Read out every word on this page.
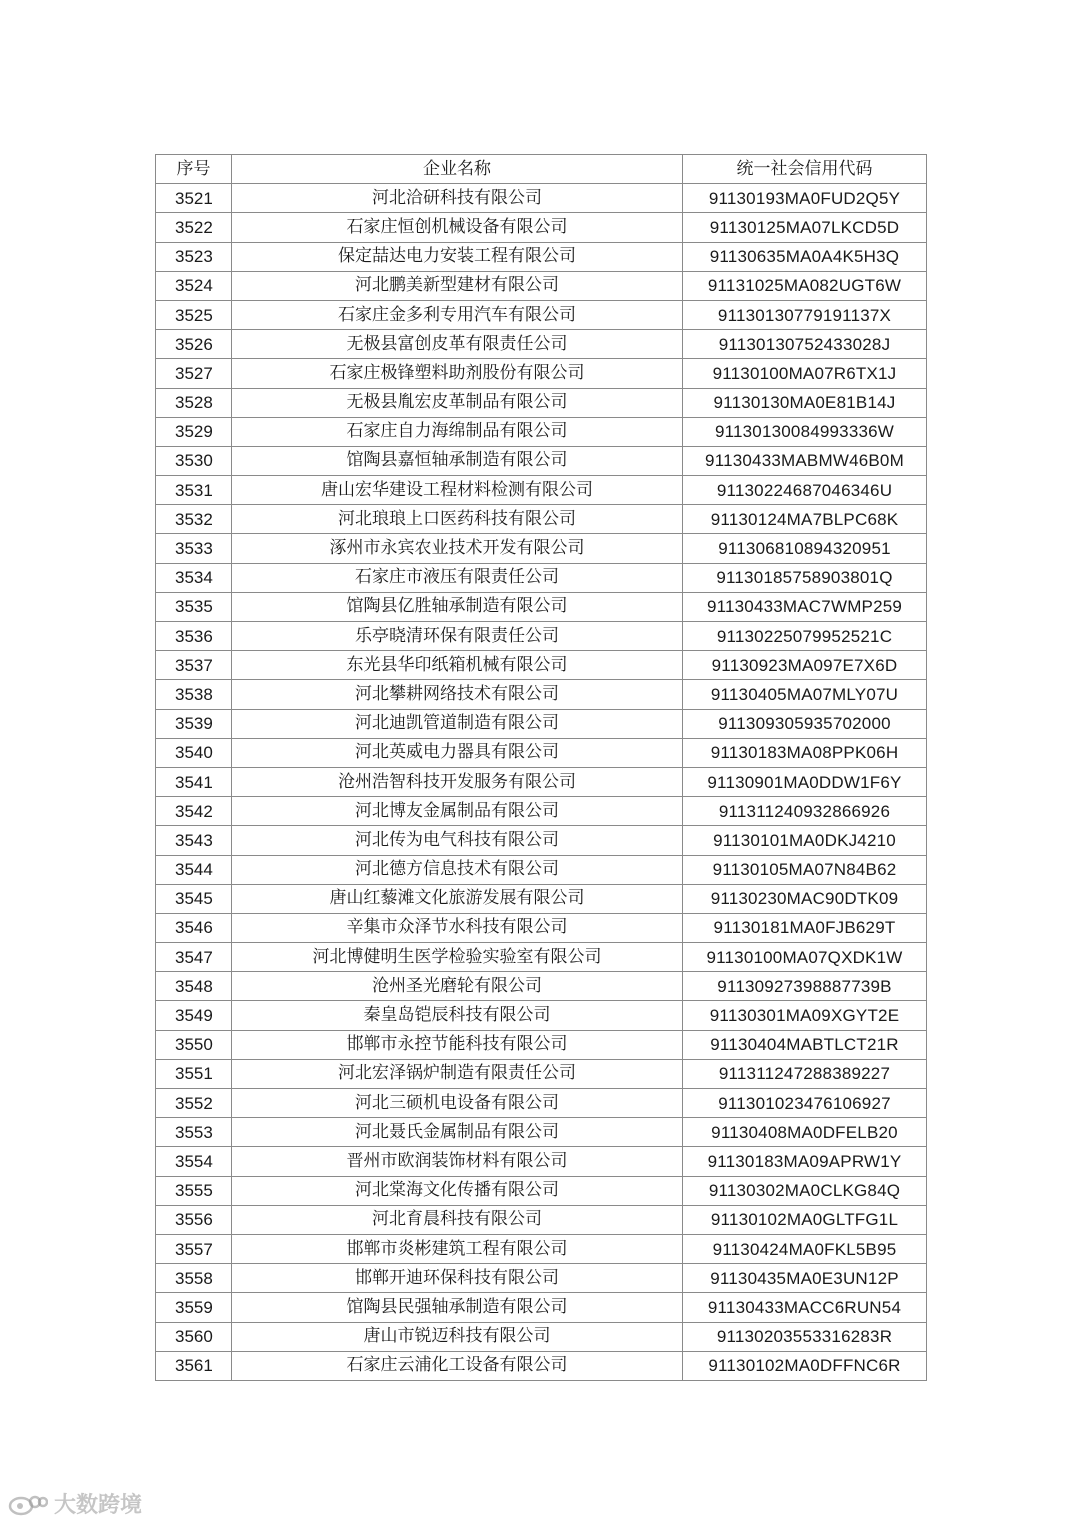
序号	企业名称	统一社会信用代码
3521	河北洽研科技有限公司	91130193MA0FUD2Q5Y
3522	石家庄恒创机械设备有限公司	91130125MA07LKCD5D
3523	保定喆达电力安装工程有限公司	91130635MA0A4K5H3Q
3524	河北鹏美新型建材有限公司	91131025MA082UGT6W
3525	石家庄金多利专用汽车有限公司	91130130779191137X
3526	无极县富创皮革有限责任公司	91130130752433028J
3527	石家庄极锋塑料助剂股份有限公司	91130100MA07R6TX1J
3528	无极县胤宏皮革制品有限公司	91130130MA0E81B14J
3529	石家庄自力海绵制品有限公司	91130130084993336W
3530	馆陶县嘉恒轴承制造有限公司	91130433MABMW46B0M
3531	唐山宏华建设工程材料检测有限公司	91130224687046346U
3532	河北琅琅上口医药科技有限公司	91130124MA7BLPC68K
3533	涿州市永宾农业技术开发有限公司	911306810894320951
3534	石家庄市液压有限责任公司	91130185758903801Q
3535	馆陶县亿胜轴承制造有限公司	91130433MAC7WMP259
3536	乐亭晓清环保有限责任公司	91130225079952521C
3537	东光县华印纸箱机械有限公司	91130923MA097E7X6D
3538	河北攀耕网络技术有限公司	91130405MA07MLY07U
3539	河北迪凯管道制造有限公司	911309305935702000
3540	河北英威电力器具有限公司	91130183MA08PPK06H
3541	沧州浩智科技开发服务有限公司	91130901MA0DDW1F6Y
3542	河北博友金属制品有限公司	911311240932866926
3543	河北传为电气科技有限公司	91130101MA0DKJ4210
3544	河北德方信息技术有限公司	91130105MA07N84B62
3545	唐山红藜滩文化旅游发展有限公司	91130230MAC90DTK09
3546	辛集市众泽节水科技有限公司	91130181MA0FJB629T
3547	河北博健明生医学检验实验室有限公司	91130100MA07QXDK1W
3548	沧州圣光磨轮有限公司	91130927398887739B
3549	秦皇岛铠辰科技有限公司	91130301MA09XGYT2E
3550	邯郸市永控节能科技有限公司	91130404MABTLCT21R
3551	河北宏泽锅炉制造有限责任公司	911311247288389227
3552	河北三硕机电设备有限公司	911301023476106927
3553	河北聂氏金属制品有限公司	91130408MA0DFELB20
3554	晋州市欧润装饰材料有限公司	91130183MA09APRW1Y
3555	河北棠海文化传播有限公司	91130302MA0CLKG84Q
3556	河北育晨科技有限公司	91130102MA0GLTFG1L
3557	邯郸市炎彬建筑工程有限公司	91130424MA0FKL5B95
3558	邯郸开迪环保科技有限公司	91130435MA0E3UN12P
3559	馆陶县民强轴承制造有限公司	91130433MACC6RUN54
3560	唐山市锐迈科技有限公司	91130203553316283R
3561	石家庄云浦化工设备有限公司	91130102MA0DFFNC6R
大数跨境
